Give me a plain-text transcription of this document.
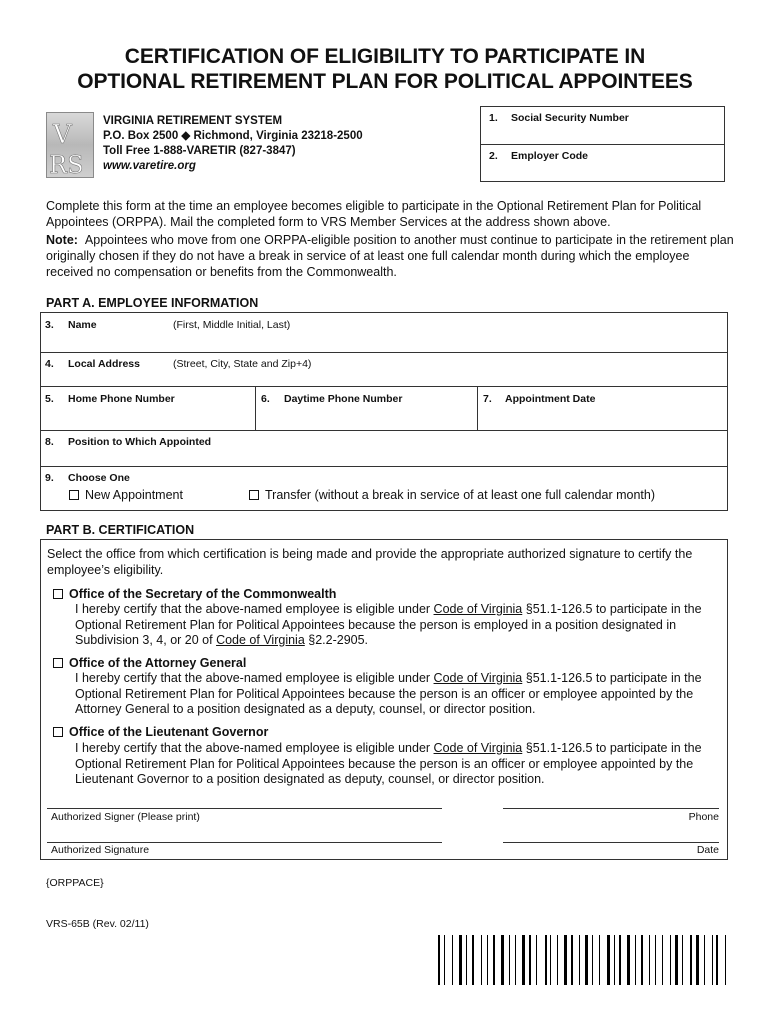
CERTIFICATION OF ELIGIBILITY TO PARTICIPATE IN
OPTIONAL RETIREMENT PLAN FOR POLITICAL APPOINTEES
V
RS
VIRGINIA RETIREMENT SYSTEM
P.O. Box 2500 ◆ Richmond, Virginia 23218-2500
Toll Free 1-888-VARETIR (827-3847)
www.varetire.org
1. Social Security Number
2. Employer Code
Complete this form at the time an employee becomes eligible to participate in the Optional Retirement Plan for Political Appointees (ORPPA). Mail the completed form to VRS Member Services at the address shown above.
Note: Appointees who move from one ORPPA-eligible position to another must continue to participate in the retirement plan originally chosen if they do not have a break in service of at least one full calendar month during which the employee received no compensation or benefits from the Commonwealth.
PART A. EMPLOYEE INFORMATION
3. Name	(First, Middle Initial, Last)
4. Local Address	(Street, City, State and Zip+4)
5. Home Phone Number	6. Daytime Phone Number	7. Appointment Date
8. Position to Which Appointed
9. Choose One
New Appointment	Transfer (without a break in service of at least one full calendar month)
PART B. CERTIFICATION
Select the office from which certification is being made and provide the appropriate authorized signature to certify the employee’s eligibility.
Office of the Secretary of the Commonwealth
I hereby certify that the above-named employee is eligible under Code of Virginia §51.1-126.5 to participate in the
Optional Retirement Plan for Political Appointees because the person is employed in a position designated in
Subdivision 3, 4, or 20 of Code of Virginia §2.2-2905.
Office of the Attorney General
I hereby certify that the above-named employee is eligible under Code of Virginia §51.1-126.5 to participate in the
Optional Retirement Plan for Political Appointees because the person is an officer or employee appointed by the
Attorney General to a position designated as a deputy, counsel, or director position.
Office of the Lieutenant Governor
I hereby certify that the above-named employee is eligible under Code of Virginia §51.1-126.5 to participate in the
Optional Retirement Plan for Political Appointees because the person is an officer or employee appointed by the
Lieutenant Governor to a position designated as deputy, counsel, or director position.
Authorized Signer (Please print)	Phone
Authorized Signature	Date
{ORPPACE}
VRS-65B (Rev. 02/11)
